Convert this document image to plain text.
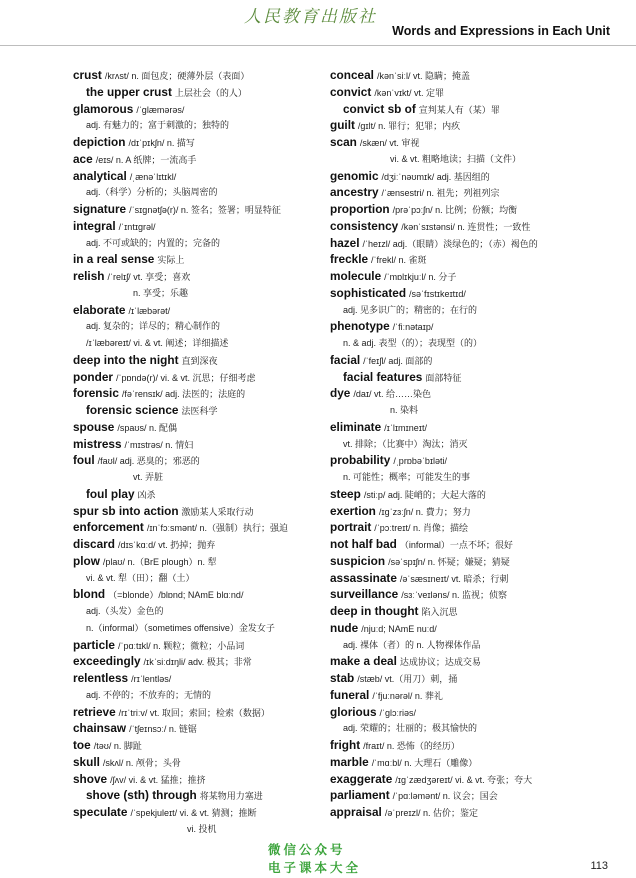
人民教育出版社
Words and Expressions in Each Unit
crust /krʌst/ n. 面包皮；硬薄外层（表面）
the upper crust 上层社会（的人）
glamorous /ˈɡlæmərəs/
adj. 有魅力的；富于刺激的；独特的
depiction /dɪˈpɪkʃn/ n. 描写
ace /eɪs/ n. A 纸牌；一流高手
analytical /ˌænəˈlɪtɪkl/
adj.（科学）分析的；头脑周密的
signature /ˈsɪɡnətʃə(r)/ n. 签名；签署；明显特征
integral /ˈɪntɪɡrəl/
adj. 不可或缺的；内置的；完备的
in a real sense 实际上
relish /ˈrelɪʃ/ vt. 享受；喜欢
n. 享受；乐趣
elaborate /ɪˈlæbərət/
adj. 复杂的；详尽的；精心制作的
/ɪˈlæbəreɪt/ vi. & vt. 阐述；详细描述
deep into the night 直到深夜
ponder /ˈpɒndə(r)/ vi. & vt. 沉思；仔细考虑
forensic /fəˈrensɪk/ adj. 法医的；法庭的
forensic science 法医科学
spouse /spaʊs/ n. 配偶
mistress /ˈmɪstrəs/ n. 情妇
foul /faʊl/ adj. 恶臭的；邪恶的
vt. 弄脏
foul play 凶杀
spur sb into action 激励某人采取行动
enforcement /ɪnˈfɔːsmənt/ n.（强制）执行；强迫
discard /dɪsˈkɑːd/ vt. 扔掉；抛弃
plow /plaʊ/ n.（BrE plough）n. 犁
vi. & vt. 犁（田）；翻（土）
blond （=blonde）/blɒnd; NAmE blɑːnd/
adj.（头发）金色的
n.（informal）（sometimes offensive）金发女子
particle /ˈpɑːtɪkl/ n. 颗粒；微粒；小品词
exceedingly /ɪkˈsiːdɪŋli/ adv. 极其；非常
relentless /rɪˈlentləs/
adj. 不停的；不放弃的；无情的
retrieve /rɪˈtriːv/ vt. 取回；索回；检索（数据）
chainsaw /ˈtʃeɪnsɔː/ n. 链锯
toe /təʊ/ n. 脚趾
skull /skʌl/ n. 颅骨；头骨
shove /ʃʌv/ vi. & vt. 猛推；推挤
shove (sth) through 将某物用力塞进
speculate /ˈspekjuleɪt/ vi. & vt. 猜测；推断
vi. 投机
conceal /kənˈsiːl/ vt. 隐瞒；掩盖
convict /kənˈvɪkt/ vt. 定罪
convict sb of 宣判某人有（某）罪
guilt /ɡɪlt/ n. 罪行；犯罪；内疚
scan /skæn/ vt. 审视
vi. & vt. 粗略地读；扫描（文件）
genomic /dʒiːˈnəʊmɪk/ adj. 基因组的
ancestry /ˈænsestri/ n. 祖先；列祖列宗
proportion /prəˈpɔːʃn/ n. 比例；份额；均衡
consistency /kənˈsɪstənsi/ n. 连贯性；一致性
hazel /ˈheɪzl/ adj.（眼睛）淡绿色的；（赤）褐色的
freckle /ˈfrekl/ n. 雀斑
molecule /ˈmɒlɪkjuːl/ n. 分子
sophisticated /səˈfɪstɪkeɪtɪd/
adj. 见多识广的；精密的；在行的
phenotype /ˈfiːnətaɪp/
n. & adj. 表型（的）；表现型（的）
facial /ˈfeɪʃl/ adj. 面部的
facial features 面部特征
dye /daɪ/ vt. 给……染色
n. 染料
eliminate /ɪˈlɪmɪneɪt/
vt. 排除；（比赛中）淘汰；消灭
probability /ˌprɒbəˈbɪləti/
n. 可能性；概率；可能发生的事
steep /stiːp/ adj. 陡峭的；大起大落的
exertion /ɪɡˈzɜːʃn/ n. 費力；努力
portrait /ˈpɔːtreɪt/ n. 肖像；描绘
not half bad （informal）一点不坏；很好
suspicion /səˈspɪʃn/ n. 怀疑；嫌疑；猜疑
assassinate /əˈsæsɪneɪt/ vt. 暗杀；行刺
surveillance /sɜːˈveɪləns/ n. 监视；侦察
deep in thought 陷入沉思
nude /njuːd; NAmE nuːd/
adj. 裸体（者）的 n. 人物裸体作品
make a deal 达成协议；达成交易
stab /stæb/ vt.（用刀）刺，捅
funeral /ˈfjuːnərəl/ n. 葬礼
glorious /ˈɡlɔːriəs/
adj. 荣耀的；壮丽的；极其愉快的
fright /fraɪt/ n. 恐怖（的经历）
marble /ˈmɑːbl/ n. 大理石（雕像）
exaggerate /ɪɡˈzædʒəreɪt/ vi. & vt. 夸张；夸大
parliament /ˈpɑːləmənt/ n. 议会；国会
appraisal /əˈpreɪzl/ n. 估价；鉴定
微信公众号
电子课本大全	113
